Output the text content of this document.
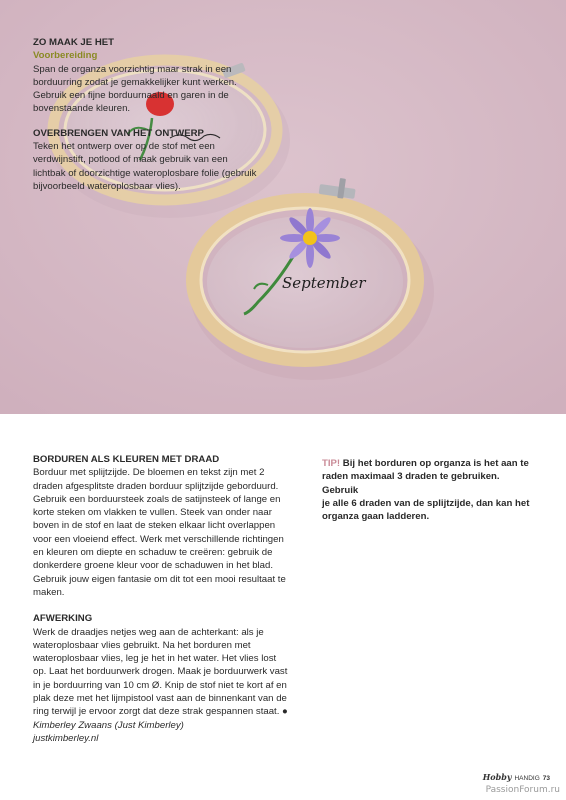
September

ZO MAAK JE HET

Voorbereiding

Span de organza voorzichtig maar strak in een

borduurring zodat je gemakkelijker kunt werken.

Gebruik een fijne borduurnaald en garen in de

bovenstaande kleuren.

OVERBRENGEN VAN HET ONTWERP

Teken het ontwerp over op de stof met een

verdwijnstift, potlood of maak gebruik van een

lichtbak of doorzichtige wateroplosbare folie (gebruik

bijvoorbeeld wateroplosbaar vlies).

BORDUREN ALS KLEUREN MET DRAAD

Borduur met splijtzijde. De bloemen en tekst zijn met 2

draden afgesplitste draden borduur splijtzijde geborduurd.

Gebruik een borduursteek zoals de satijnsteek of lange en

korte steken om vlakken te vullen. Steek van onder naar

boven in de stof en laat de steken elkaar licht overlappen

voor een vloeiend effect. Werk met verschillende richtingen

en kleuren om diepte en schaduw te creëren: gebruik de

donkerdere groene kleur voor de schaduwen in het blad.

Gebruik jouw eigen fantasie om dit tot een mooi resultaat te

maken.

AFWERKING

Werk de draadjes netjes weg aan de achterkant: als je

wateroplosbaar vlies gebruikt. Na het borduren met

wateroplosbaar vlies, leg je het in het water. Het vlies lost

op. Laat het borduurwerk drogen. Maak je borduurwerk vast

in je borduurring van 10 cm Ø. Knip de stof niet te kort af en

plak deze met het lijmpistool vast aan de binnenkant van de

ring terwijl je ervoor zorgt dat deze strak gespannen staat. ●

Kimberley Zwaans (Just Kimberley)

justkimberley.nl

TIP! Bij het borduren op organza is het aan te

raden maximaal 3 draden te gebruiken. Gebruik

je alle 6 draden van de splijtzijde, dan kan het

organza gaan ladderen.

Hobby HANDIG 73
PassionForum.ru
